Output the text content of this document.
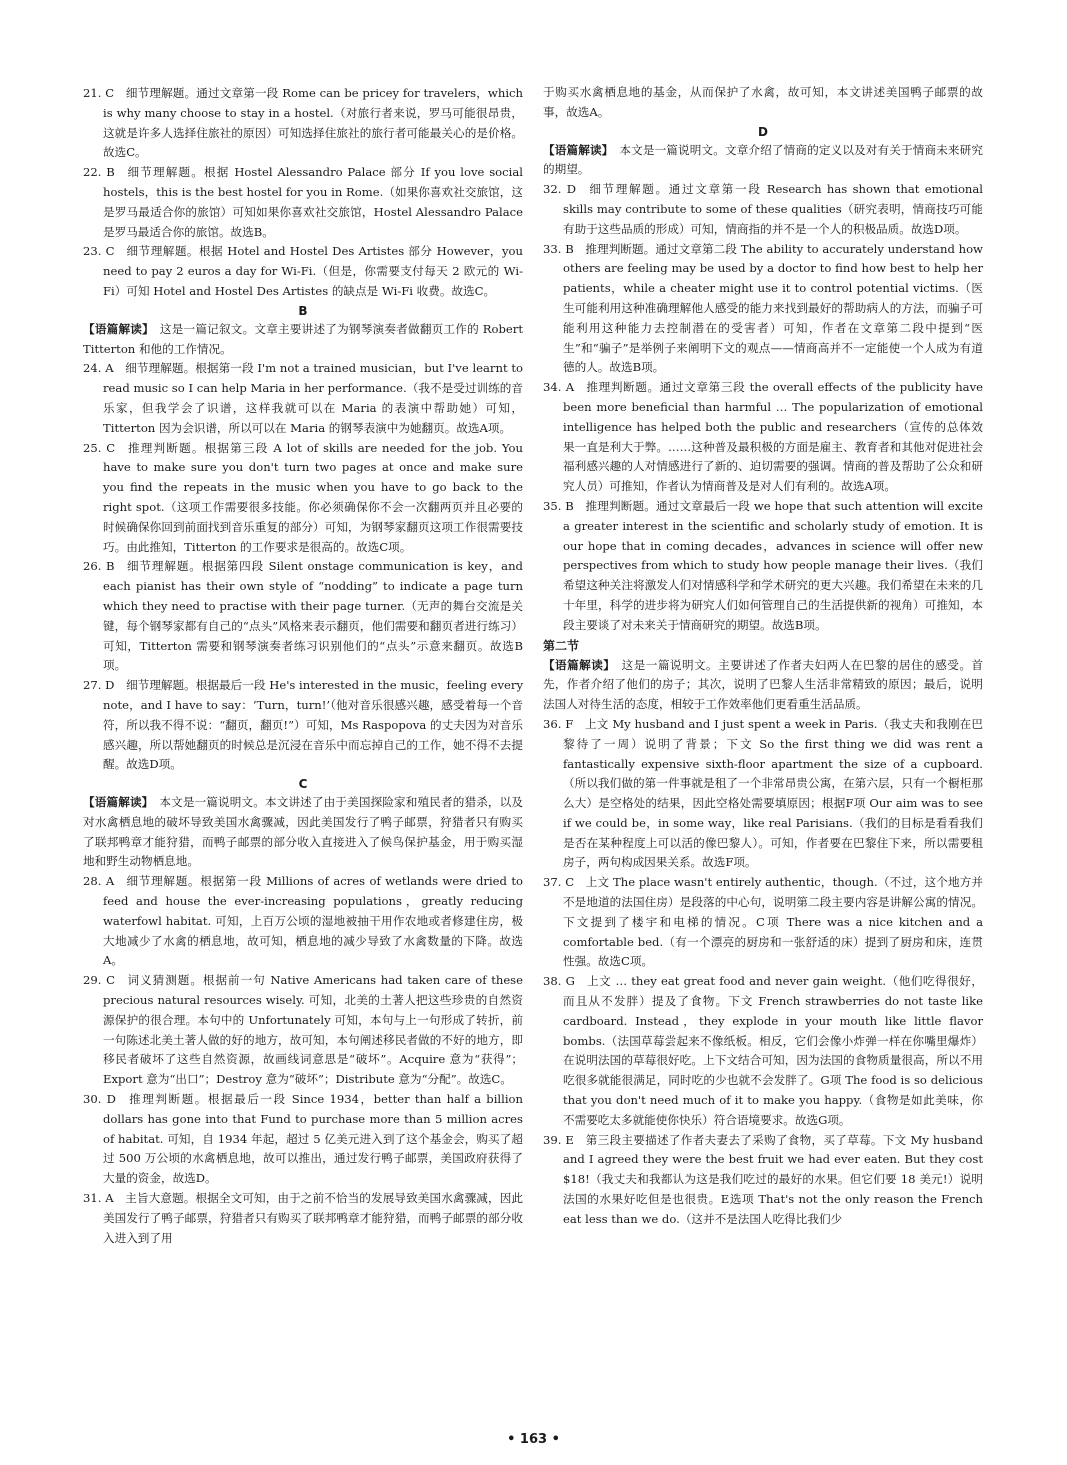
21. C  细节理解题。通过文章第一段 Rome can be pricey for travelers，which is why many choose to stay in a hostel.（对旅行者来说，罗马可能很昂贵，这就是许多人选择住旅社的原因）可知选择住旅社的旅行者可能最关心的是价格。故选C。
22. B  细节理解题。根据 Hostel Alessandro Palace 部分 If you love social hostels，this is the best hostel for you in Rome.（如果你喜欢社交旅馆，这是罗马最适合你的旅馆）可知如果你喜欢社交旅馆，Hostel Alessandro Palace 是罗马最适合你的旅馆。故选B。
23. C  细节理解题。根据 Hotel and Hostel Des Artistes 部分 However，you need to pay 2 euros a day for Wi-Fi.（但是，你需要支付每天 2 欧元的 Wi-Fi）可知 Hotel and Hostel Des Artistes 的缺点是 Wi-Fi 收费。故选C。
B
【语篇解读】  这是一篇记叙文。文章主要讲述了为钢琴演奏者做翻页工作的 Robert Titterton 和他的工作情况。
24. A  细节理解题。根据第一段 I'm not a trained musician，but I've learnt to read music so I can help Maria in her performance.（我不是受过训练的音乐家，但我学会了识谱，这样我就可以在 Maria 的表演中帮助她）可知，Titterton 因为会识谱，所以可以在 Maria 的钢琴表演中为她翻页。故选A项。
25. C  推理判断题。根据第三段 A lot of skills are needed for the job. You have to make sure you don't turn two pages at once and make sure you find the repeats in the music when you have to go back to the right spot.（这项工作需要很多技能。你必须确保你不会一次翻两页并且必要的时候确保你回到前面找到音乐重复的部分）可知，为钢琴家翻页这项工作很需要技巧。由此推知，Titterton 的工作要求是很高的。故选C项。
26. B  细节理解题。根据第四段 Silent onstage communication is key，and each pianist has their own style of “nodding” to indicate a page turn which they need to practise with their page turner.（无声的舞台交流是关键，每个钢琴家都有自己的“点头”风格来表示翻页，他们需要和翻页者进行练习）可知，Titterton 需要和钢琴演奏者练习识别他们的“点头”示意来翻页。故选B项。
27. D  细节理解题。根据最后一段 He's interested in the music，feeling every note，and I have to say：‘Turn，turn!’（他对音乐很感兴趣，感受着每一个音符，所以我不得不说：“翻页，翻页!”）可知，Ms Raspopova 的丈夫因为对音乐感兴趣，所以帮她翻页的时候总是沉浸在音乐中而忘掉自己的工作，她不得不去提醒。故选D项。
C
【语篇解读】  本文是一篇说明文。本文讲述了由于美国探险家和殖民者的猎杀，以及对水禽栖息地的破坏导致美国水禽骤减，因此美国发行了鸭子邮票，狩猎者只有购买了联邦鸭章才能狩猎，而鸭子邮票的部分收入直接进入了候鸟保护基金，用于购买湿地和野生动物栖息地。
28. A  细节理解题。根据第一段 Millions of acres of wetlands were dried to feed and house the ever-increasing populations，greatly reducing waterfowl habitat. 可知，上百万公顷的湿地被抽干用作农地或者修建住房，极大地减少了水禽的栖息地，故可知，栖息地的减少导致了水禽数量的下降。故选A。
29. C  词义猜测题。根据前一句 Native Americans had taken care of these precious natural resources wisely. 可知，北美的土著人把这些珍贵的自然资源保护的很合理。本句中的 Unfortunately 可知，本句与上一句形成了转折，前一句陈述北美土著人做的好的地方，故可知，本句阐述移民者做的不好的地方，即移民者破坏了这些自然资源，故画线词意思是“破坏”。Acquire 意为“获得”；Export 意为“出口”；Destroy 意为“破坏”；Distribute 意为“分配”。故选C。
30. D  推理判断题。根据最后一段 Since 1934，better than half a billion dollars has gone into that Fund to purchase more than 5 million acres of habitat. 可知，自 1934 年起，超过 5 亿美元进入到了这个基金会，购买了超过 500 万公顷的水禽栖息地，故可以推出，通过发行鸭子邮票，美国政府获得了大量的资金，故选D。
31. A  主旨大意题。根据全文可知，由于之前不恰当的发展导致美国水禽骤减，因此美国发行了鸭子邮票，狩猎者只有购买了联邦鸭章才能狩猎，而鸭子邮票的部分收入进入到了用
于购买水禽栖息地的基金，从而保护了水禽，故可知，本文讲述美国鸭子邮票的故事，故选A。
D
【语篇解读】  本文是一篇说明文。文章介绍了情商的定义以及对有关于情商未来研究的期望。
32. D  细节理解题。通过文章第一段 Research has shown that emotional skills may contribute to some of these qualities（研究表明，情商技巧可能有助于这些品质的形成）可知，情商指的并不是一个人的积极品质。故选D项。
33. B  推理判断题。通过文章第二段 The ability to accurately understand how others are feeling may be used by a doctor to find how best to help her patients，while a cheater might use it to control potential victims.（医生可能利用这种准确理解他人感受的能力来找到最好的帮助病人的方法，而骗子可能利用这种能力去控制潜在的受害者）可知，作者在文章第二段中提到“医生”和“骗子”是举例子来阐明下文的观点——情商高并不一定能使一个人成为有道德的人。故选B项。
34. A  推理判断题。通过文章第三段 the overall effects of the publicity have been more beneficial than harmful … The popularization of emotional intelligence has helped both the public and researchers（宣传的总体效果一直是利大于弊。……这种普及最积极的方面是雇主、教育者和其他对促进社会福利感兴趣的人对情感进行了新的、迫切需要的强调。情商的普及帮助了公众和研究人员）可推知，作者认为情商普及是对人们有利的。故选A项。
35. B  推理判断题。通过文章最后一段 we hope that such attention will excite a greater interest in the scientific and scholarly study of emotion. It is our hope that in coming decades，advances in science will offer new perspectives from which to study how people manage their lives.（我们希望这种关注将激发人们对情感科学和学术研究的更大兴趣。我们希望在未来的几十年里，科学的进步将为研究人们如何管理自己的生活提供新的视角）可推知，本段主要谈了对未来关于情商研究的期望。故选B项。
第二节
【语篇解读】  这是一篇说明文。主要讲述了作者夫妇两人在巴黎的居住的感受。首先，作者介绍了他们的房子；其次，说明了巴黎人生活非常精致的原因；最后，说明法国人对待生活的态度，相较于工作效率他们更看重生活品质。
36. F  上文 My husband and I just spent a week in Paris.（我丈夫和我刚在巴黎待了一周）说明了背景；下文 So the first thing we did was rent a fantastically expensive sixth-floor apartment the size of a cupboard.（所以我们做的第一件事就是租了一个非常昂贵公寓，在第六层，只有一个橱柜那么大）是空格处的结果，因此空格处需要填原因；根据F项 Our aim was to see if we could be，in some way，like real Parisians.（我们的目标是看看我们是否在某种程度上可以活的像巴黎人）。可知，作者要在巴黎住下来，所以需要租房子，两句构成因果关系。故选F项。
37. C  上文 The place wasn't entirely authentic，though.（不过，这个地方并不是地道的法国住房）是段落的中心句，说明第二段主要内容是讲解公寓的情况。下文提到了楼宇和电梯的情况。C项 There was a nice kitchen and a comfortable bed.（有一个漂亮的厨房和一张舒适的床）提到了厨房和床，连贯性强。故选C项。
38. G  上文 … they eat great food and never gain weight.（他们吃得很好，而且从不发胖）提及了食物。下文 French strawberries do not taste like cardboard. Instead，they explode in your mouth like little flavor bombs.（法国草莓尝起来不像纸板。相反，它们会像小炸弹一样在你嘴里爆炸）在说明法国的草莓很好吃。上下文结合可知，因为法国的食物质量很高，所以不用吃很多就能很满足，同时吃的少也就不会发胖了。G项 The food is so delicious that you don't need much of it to make you happy.（食物是如此美味，你不需要吃太多就能使你快乐）符合语境要求。故选G项。
39. E  第三段主要描述了作者夫妻去了采购了食物，买了草莓。下文 My husband and I agreed they were the best fruit we had ever eaten. But they cost $18!（我丈夫和我都认为这是我们吃过的最好的水果。但它们要 18 美元!）说明法国的水果好吃但是也很贵。E选项 That's not the only reason the French eat less than we do.（这并不是法国人吃得比我们少
• 163 •
